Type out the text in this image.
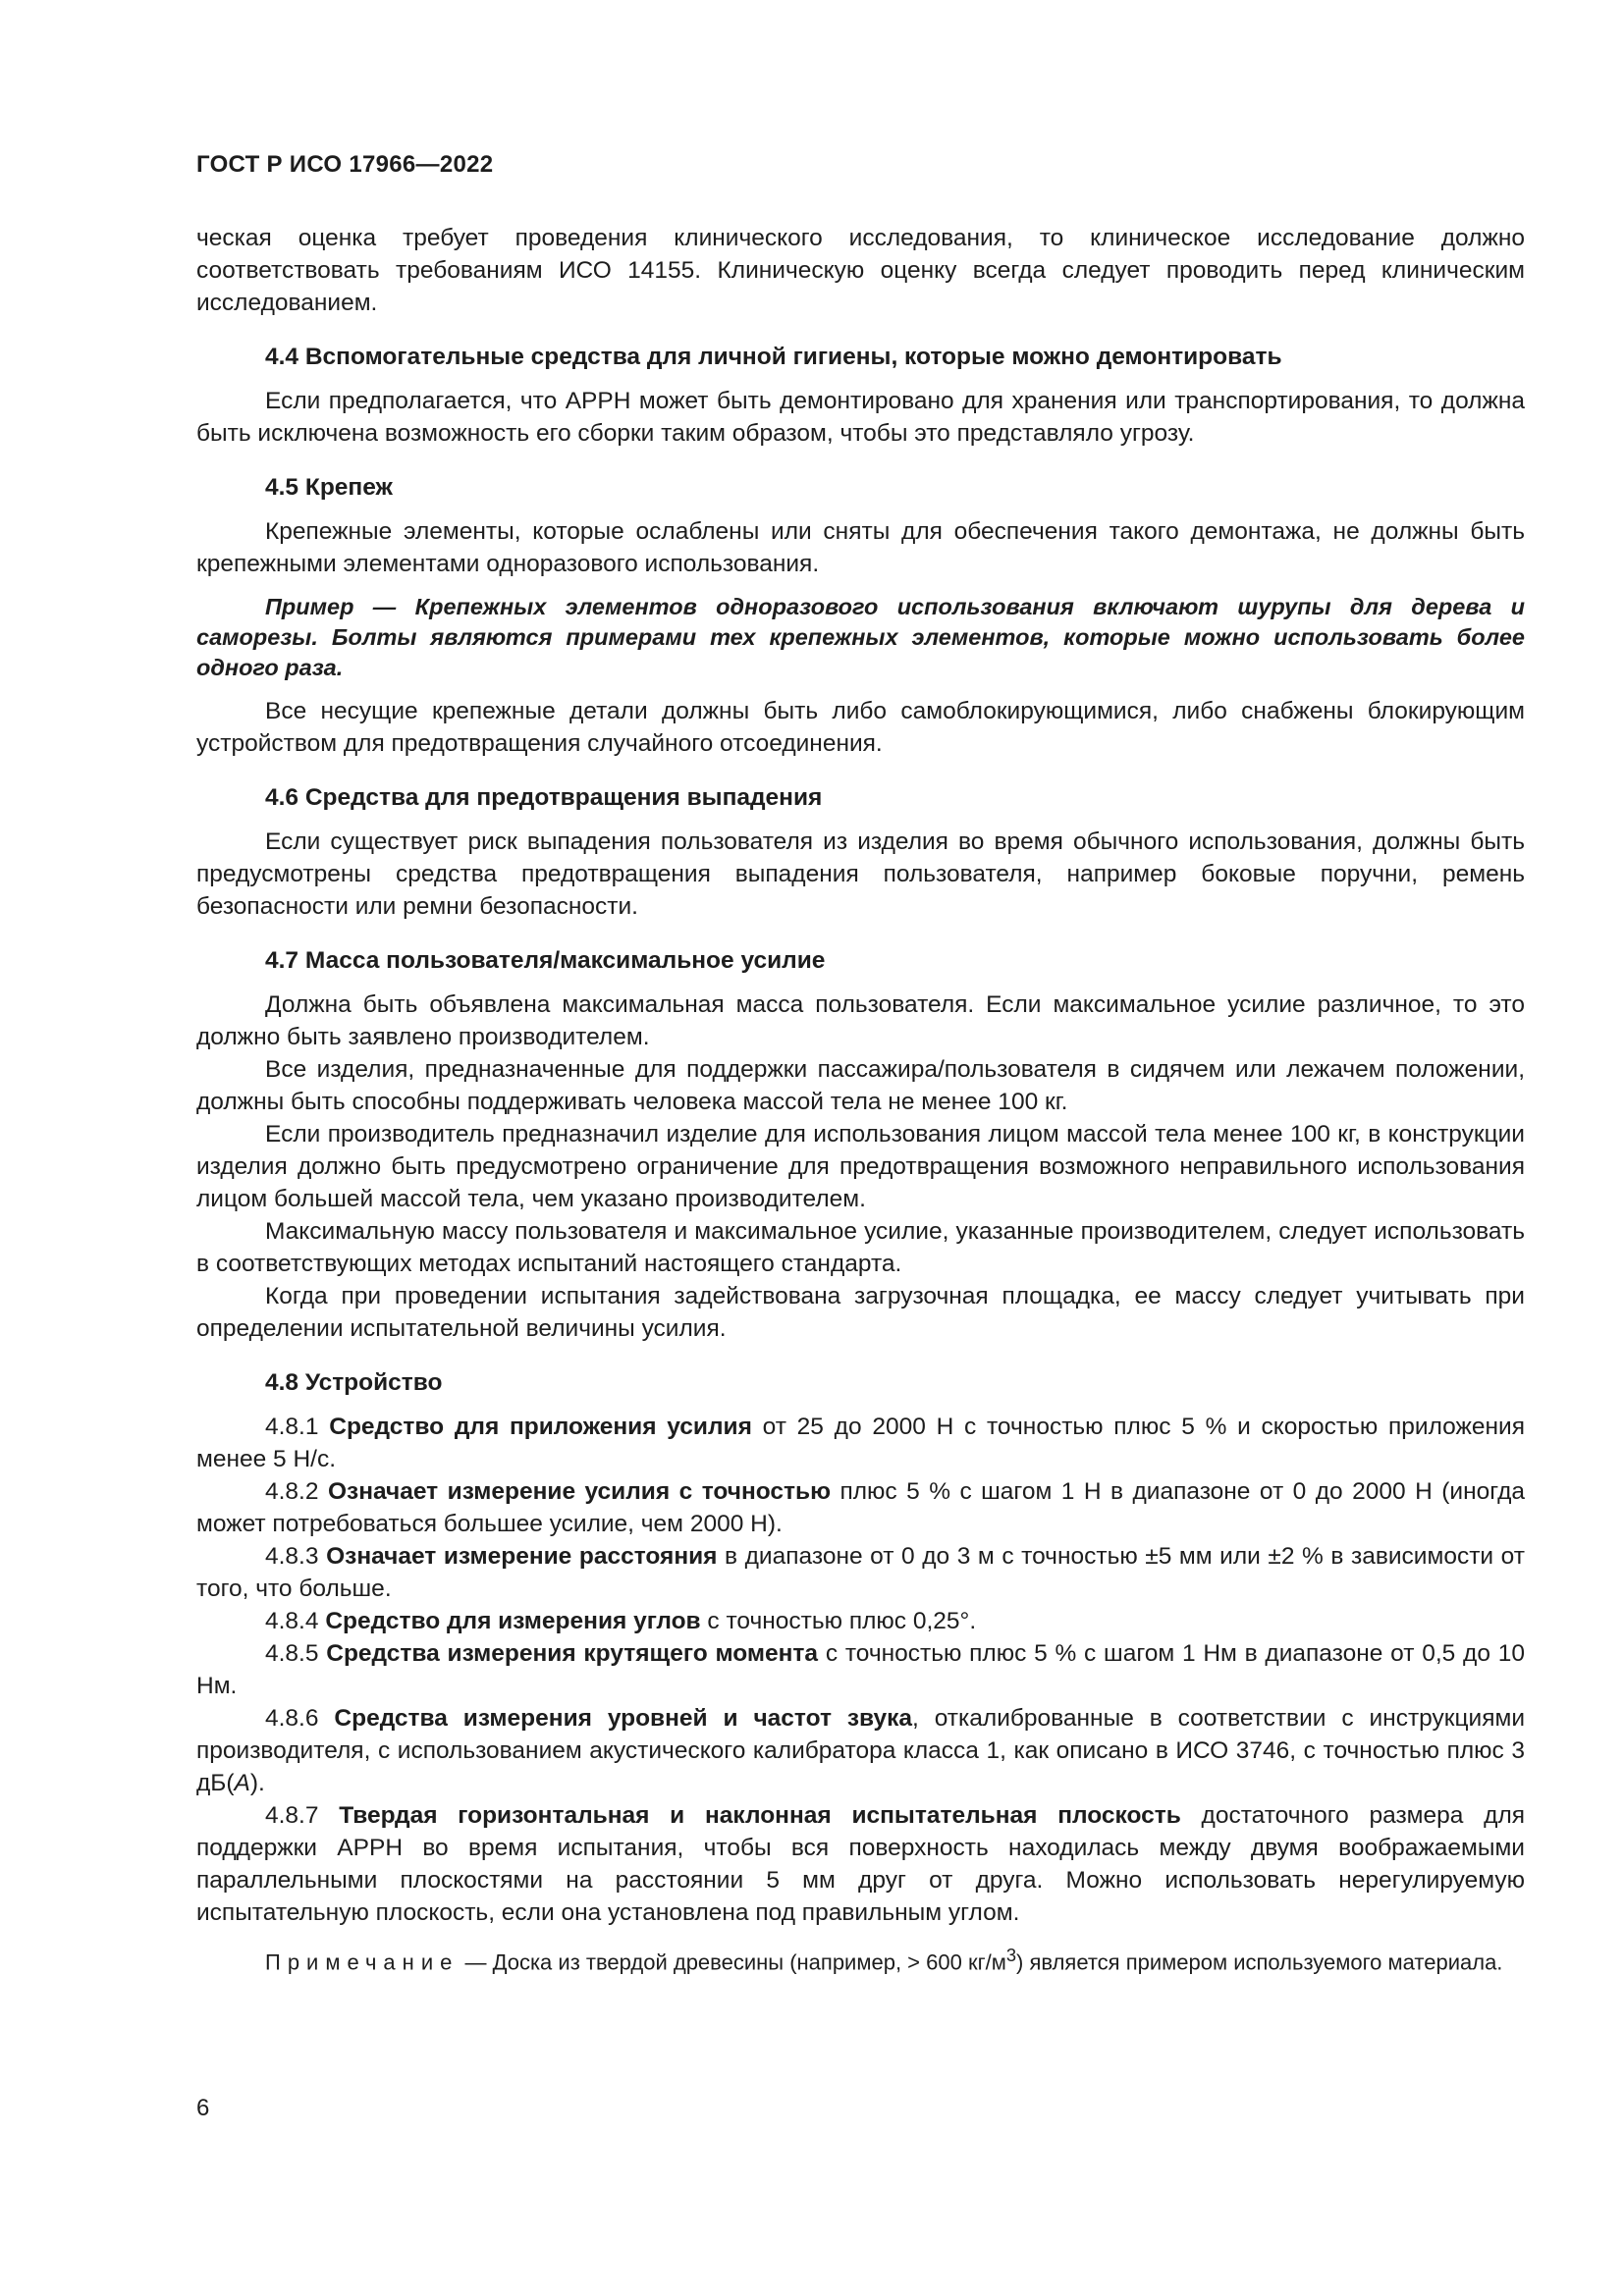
ГОСТ Р ИСО 17966—2022

ческая оценка требует проведения клинического исследования, то клиническое исследование должно соответствовать требованиям ИСО 14155. Клиническую оценку всегда следует проводить перед клиническим исследованием.

4.4 Вспомогательные средства для личной гигиены, которые можно демонтировать

Если предполагается, что АРРН может быть демонтировано для хранения или транспортирования, то должна быть исключена возможность его сборки таким образом, чтобы это представляло угрозу.

4.5 Крепеж

Крепежные элементы, которые ослаблены или сняты для обеспечения такого демонтажа, не должны быть крепежными элементами одноразового использования.

Пример — Крепежных элементов одноразового использования включают шурупы для дерева и саморезы. Болты являются примерами тех крепежных элементов, которые можно использовать более одного раза.

Все несущие крепежные детали должны быть либо самоблокирующимися, либо снабжены блокирующим устройством для предотвращения случайного отсоединения.

4.6 Средства для предотвращения выпадения

Если существует риск выпадения пользователя из изделия во время обычного использования, должны быть предусмотрены средства предотвращения выпадения пользователя, например боковые поручни, ремень безопасности или ремни безопасности.

4.7 Масса пользователя/максимальное усилие

Должна быть объявлена максимальная масса пользователя. Если максимальное усилие различное, то это должно быть заявлено производителем.

Все изделия, предназначенные для поддержки пассажира/пользователя в сидячем или лежачем положении, должны быть способны поддерживать человека массой тела не менее 100 кг.

Если производитель предназначил изделие для использования лицом массой тела менее 100 кг, в конструкции изделия должно быть предусмотрено ограничение для предотвращения возможного неправильного использования лицом большей массой тела, чем указано производителем.

Максимальную массу пользователя и максимальное усилие, указанные производителем, следует использовать в соответствующих методах испытаний настоящего стандарта.

Когда при проведении испытания задействована загрузочная площадка, ее массу следует учитывать при определении испытательной величины усилия.

4.8 Устройство

4.8.1 Средство для приложения усилия от 25 до 2000 Н с точностью плюс 5 % и скоростью приложения менее 5 Н/с.

4.8.2 Означает измерение усилия с точностью плюс 5 % с шагом 1 Н в диапазоне от 0 до 2000 Н (иногда может потребоваться большее усилие, чем 2000 Н).

4.8.3 Означает измерение расстояния в диапазоне от 0 до 3 м с точностью ±5 мм или ±2 % в зависимости от того, что больше.

4.8.4 Средство для измерения углов с точностью плюс 0,25°.

4.8.5 Средства измерения крутящего момента с точностью плюс 5 % с шагом 1 Нм в диапазоне от 0,5 до 10 Нм.

4.8.6 Средства измерения уровней и частот звука, откалиброванные в соответствии с инструкциями производителя, с использованием акустического калибратора класса 1, как описано в ИСО 3746, с точностью плюс 3 дБ(А).

4.8.7 Твердая горизонтальная и наклонная испытательная плоскость достаточного размера для поддержки АРРН во время испытания, чтобы вся поверхность находилась между двумя воображаемыми параллельными плоскостями на расстоянии 5 мм друг от друга. Можно использовать нерегулируемую испытательную плоскость, если она установлена под правильным углом.

Примечание — Доска из твердой древесины (например, > 600 $кг/м^3$) является примером используемого материала.

6
